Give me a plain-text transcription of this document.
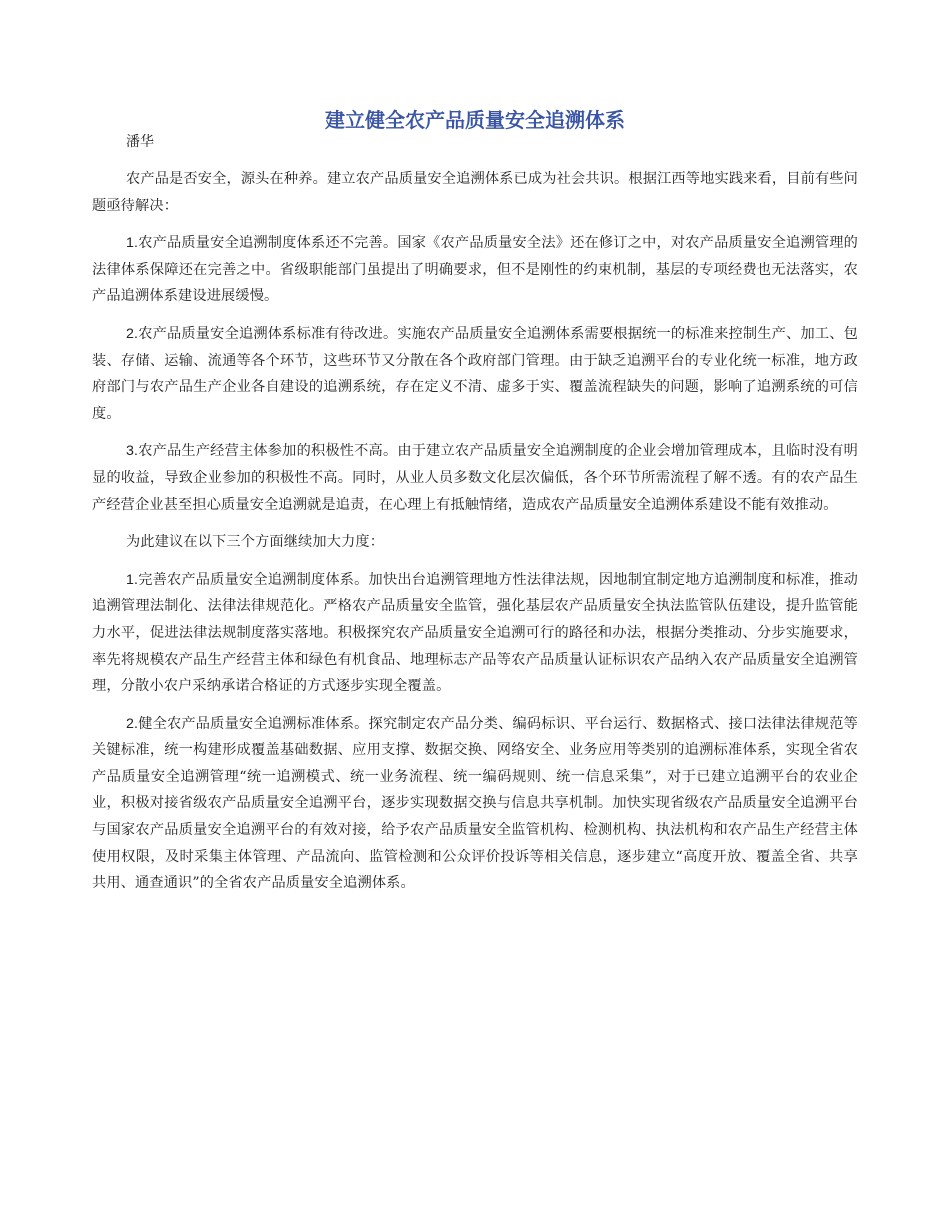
建立健全农产品质量安全追溯体系

潘华

农产品是否安全，源头在种养。建立农产品质量安全追溯体系已成为社会共识。根据江西等地实践来看，目前有些问题亟待解决：

1.农产品质量安全追溯制度体系还不完善。国家《农产品质量安全法》还在修订之中，对农产品质量安全追溯管理的法律体系保障还在完善之中。省级职能部门虽提出了明确要求，但不是刚性的约束机制，基层的专项经费也无法落实，农产品追溯体系建设进展缓慢。

2.农产品质量安全追溯体系标准有待改进。实施农产品质量安全追溯体系需要根据统一的标准来控制生产、加工、包装、存储、运输、流通等各个环节，这些环节又分散在各个政府部门管理。由于缺乏追溯平台的专业化统一标准，地方政府部门与农产品生产企业各自建设的追溯系统，存在定义不清、虚多于实、覆盖流程缺失的问题，影响了追溯系统的可信度。

3.农产品生产经营主体参加的积极性不高。由于建立农产品质量安全追溯制度的企业会增加管理成本，且临时没有明显的收益，导致企业参加的积极性不高。同时，从业人员多数文化层次偏低，各个环节所需流程了解不透。有的农产品生产经营企业甚至担心质量安全追溯就是追责，在心理上有抵触情绪，造成农产品质量安全追溯体系建设不能有效推动。

为此建议在以下三个方面继续加大力度：

1.完善农产品质量安全追溯制度体系。加快出台追溯管理地方性法律法规，因地制宜制定地方追溯制度和标准，推动追溯管理法制化、法律法律规范化。严格农产品质量安全监管，强化基层农产品质量安全执法监管队伍建设，提升监管能力水平，促进法律法规制度落实落地。积极探究农产品质量安全追溯可行的路径和办法，根据分类推动、分步实施要求，率先将规模农产品生产经营主体和绿色有机食品、地理标志产品等农产品质量认证标识农产品纳入农产品质量安全追溯管理，分散小农户采纳承诺合格证的方式逐步实现全覆盖。

2.健全农产品质量安全追溯标准体系。探究制定农产品分类、编码标识、平台运行、数据格式、接口法律法律规范等关键标准，统一构建形成覆盖基础数据、应用支撑、数据交换、网络安全、业务应用等类别的追溯标准体系，实现全省农产品质量安全追溯管理“统一追溯模式、统一业务流程、统一编码规则、统一信息采集”，对于已建立追溯平台的农业企业，积极对接省级农产品质量安全追溯平台，逐步实现数据交换与信息共享机制。加快实现省级农产品质量安全追溯平台与国家农产品质量安全追溯平台的有效对接，给予农产品质量安全监管机构、检测机构、执法机构和农产品生产经营主体使用权限，及时采集主体管理、产品流向、监管检测和公众评价投诉等相关信息，逐步建立“高度开放、覆盖全省、共享共用、通查通识”的全省农产品质量安全追溯体系。
